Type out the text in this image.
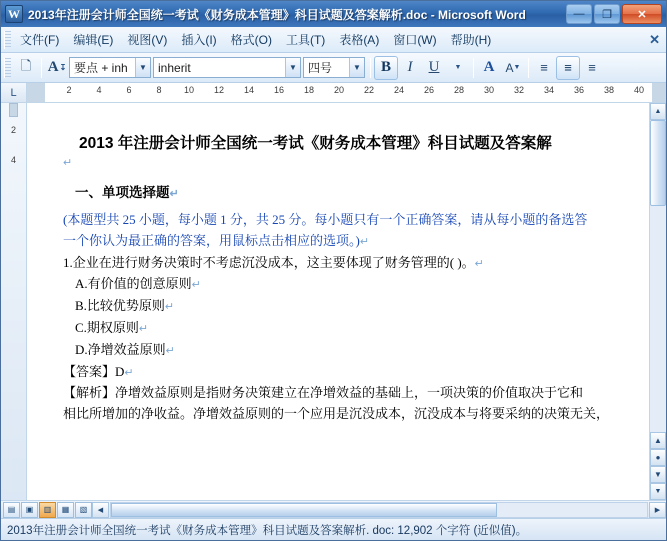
W 2013年注册会计师全国统一考试《财务成本管理》科目试题及答案解析.doc - Microsoft Word	—	❐	✕
文件(F)	编辑(E)	视图(V)	插入(I)	格式(O)	工具(T)	表格(A)	窗口(W)	帮助(H)	✕
🗋	A ↧ 要点 + inh	▼ inherit	▼ 四号	▼	B	I	U	▼	A A ▼	≡	≡	≡
L	2	4	6	8 10 12 14 16 18 20 22 24 26 28 30 32 34 36 38 40
2
4
2013 年注册会计师全国统一考试《财务成本管理》科目试题及答案解
↵
一、单项选择题↵
(本题型共 25 小题，每小题 1 分，共 25 分。每小题只有一个正确答案，请从每小题的备选答
一个你认为最正确的答案，用鼠标点击相应的选项。)↵
1.企业在进行财务决策时不考虑沉没成本，这主要体现了财务管理的( )。↵
A.有价值的创意原则↵
B.比较优势原则↵
C.期权原则↵
D.净增效益原则↵
【答案】D↵
【解析】净增效益原则是指财务决策建立在净增效益的基础上，一项决策的价值取决于它和
相比所增加的净收益。净增效益原则的一个应用是沉没成本，沉没成本与将要采纳的决策无关，
▲
▲
●
▼
▼
▤	▣	▥	▦	▧	◀	▶
2013年注册会计师全国统一考试《财务成本管理》科目试题及答案解析. doc: 12,902 个字符 (近似值)。
